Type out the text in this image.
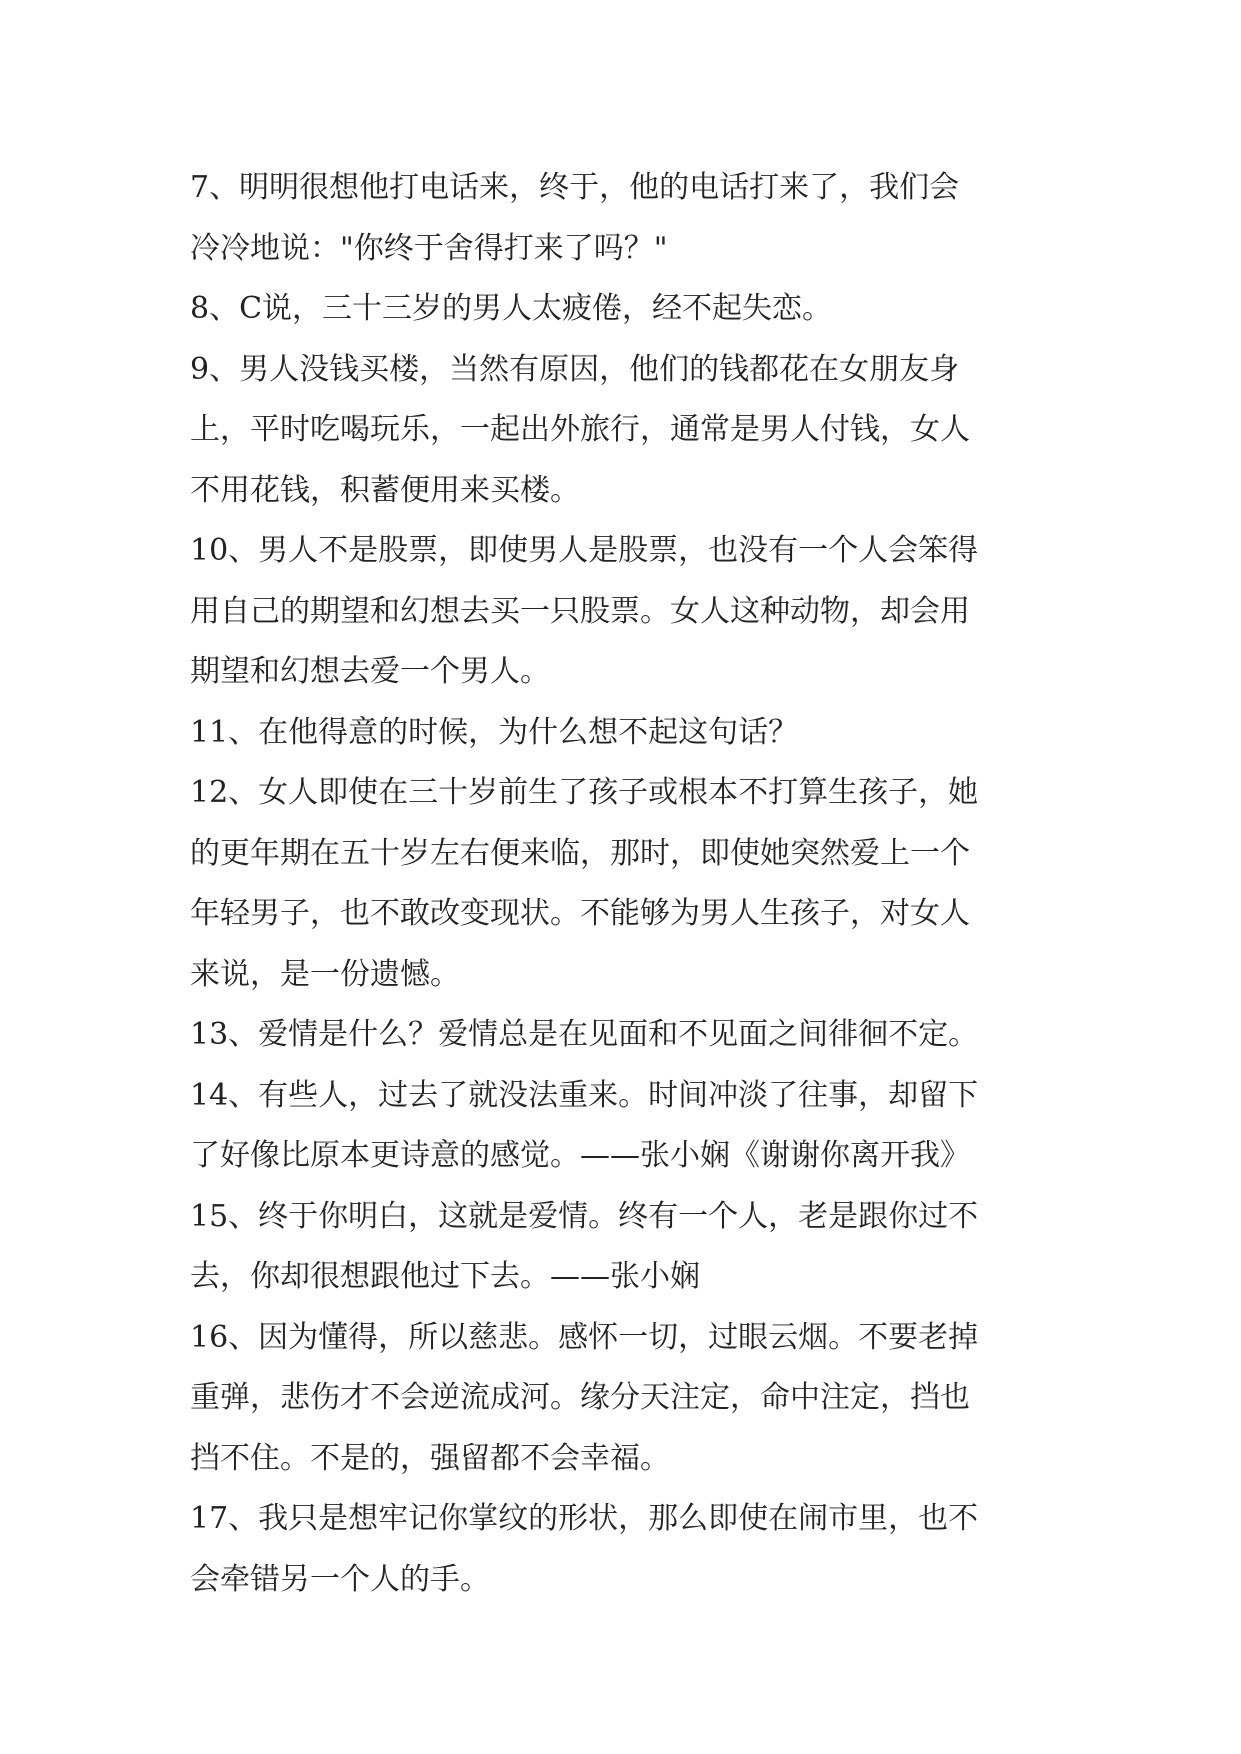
7、明明很想他打电话来，终于，他的电话打来了，我们会
冷冷地说："你终于舍得打来了吗？"

8、C说，三十三岁的男人太疲倦，经不起失恋。

9、男人没钱买楼，当然有原因，他们的钱都花在女朋友身
上，平时吃喝玩乐，一起出外旅行，通常是男人付钱，女人
不用花钱，积蓄便用来买楼。

10、男人不是股票，即使男人是股票，也没有一个人会笨得
用自己的期望和幻想去买一只股票。女人这种动物，却会用
期望和幻想去爱一个男人。

11、在他得意的时候，为什么想不起这句话？

12、女人即使在三十岁前生了孩子或根本不打算生孩子，她
的更年期在五十岁左右便来临，那时，即使她突然爱上一个
年轻男子，也不敢改变现状。不能够为男人生孩子，对女人
来说，是一份遗憾。

13、爱情是什么？爱情总是在见面和不见面之间徘徊不定。

14、有些人，过去了就没法重来。时间冲淡了往事，却留下
了好像比原本更诗意的感觉。——张小娴《谢谢你离开我》

15、终于你明白，这就是爱情。终有一个人，老是跟你过不
去，你却很想跟他过下去。——张小娴

16、因为懂得，所以慈悲。感怀一切，过眼云烟。不要老掉
重弹，悲伤才不会逆流成河。缘分天注定，命中注定，挡也
挡不住。不是的，强留都不会幸福。

17、我只是想牢记你掌纹的形状，那么即使在闹市里，也不
会牵错另一个人的手。
